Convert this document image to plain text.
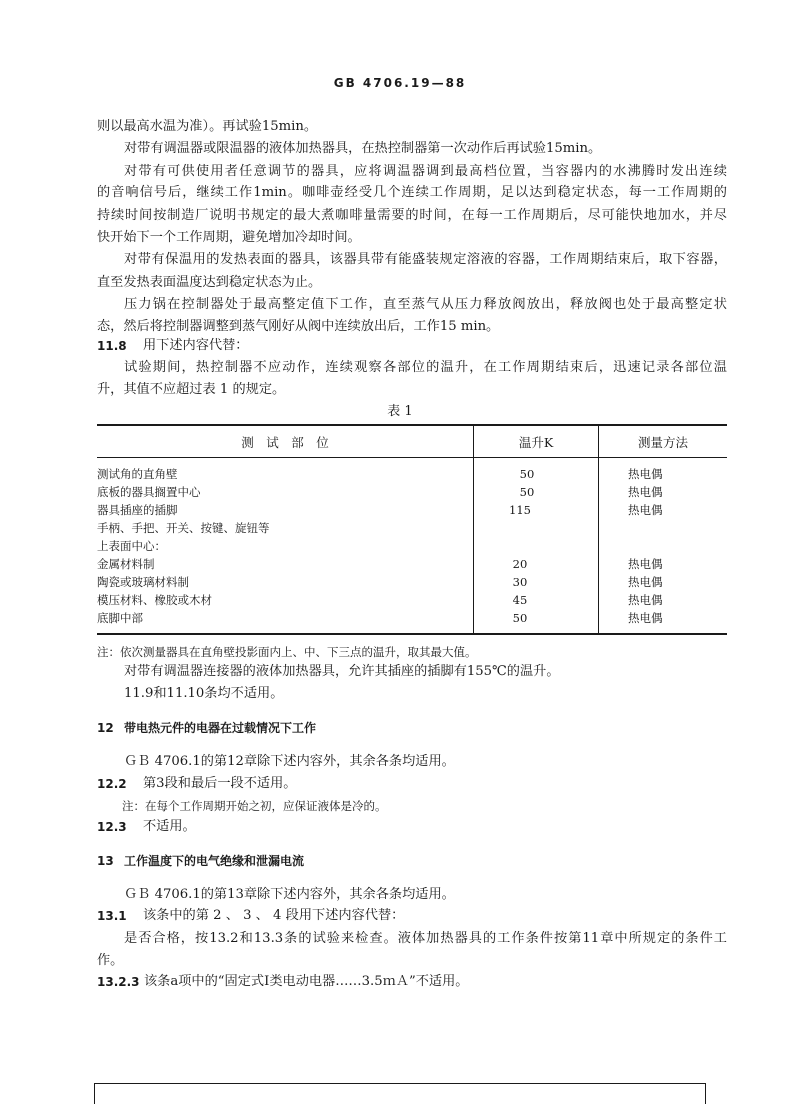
GB 4706.19—88
则以最高水温为准）。再试验15min。
对带有调温器或限温器的液体加热器具，在热控制器第一次动作后再试验15min。
对带有可供使用者任意调节的器具，应将调温器调到最高档位置，当容器内的水沸腾时发出连续
的音响信号后，继续工作1min。咖啡壶经受几个连续工作周期，足以达到稳定状态，每一工作周期的
持续时间按制造厂说明书规定的最大煮咖啡量需要的时间，在每一工作周期后，尽可能快地加水，并尽
快开始下一个工作周期，避免增加冷却时间。
对带有保温用的发热表面的器具，该器具带有能盛装规定溶液的容器，工作周期结束后，取下容器，
直至发热表面温度达到稳定状态为止。
压力锅在控制器处于最高整定值下工作，直至蒸气从压力释放阀放出，释放阀也处于最高整定状
态，然后将控制器调整到蒸气刚好从阀中连续放出后，工作15 min。
11.8 用下述内容代替：
试验期间，热控制器不应动作，连续观察各部位的温升，在工作周期结束后，迅速记录各部位温
升，其值不应超过表 1 的规定。
表 1
测　试　部　位	温升K	测量方法
测试角的直角壁	50	热电偶
底板的器具搁置中心	50	热电偶
器具插座的插脚	115	热电偶
手柄、手把、开关、按键、旋钮等
上表面中心：
金属材料制	20	热电偶
陶瓷或玻璃材料制	30	热电偶
模压材料、橡胶或木材	45	热电偶
底脚中部	50	热电偶
注：依次测量器具在直角壁投影面内上、中、下三点的温升，取其最大值。
对带有调温器连接器的液体加热器具，允许其插座的插脚有155℃的温升。
11.9和11.10条均不适用。
12 带电热元件的电器在过载情况下工作
ＧＢ 4706.1的第12章除下述内容外，其余各条均适用。
12.2 第3段和最后一段不适用。
注：在每个工作周期开始之初，应保证液体是冷的。
12.3 不适用。
13 工作温度下的电气绝缘和泄漏电流
ＧＢ 4706.1的第13章除下述内容外，其余各条均适用。
13.1 该条中的第 2 、 3 、 4 段用下述内容代替：
是否合格，按13.2和13.3条的试验来检查。液体加热器具的工作条件按第11章中所规定的条件工
作。
13.2.3 该条a项中的“固定式Ⅰ类电动电器……3.5ｍＡ”不适用。
